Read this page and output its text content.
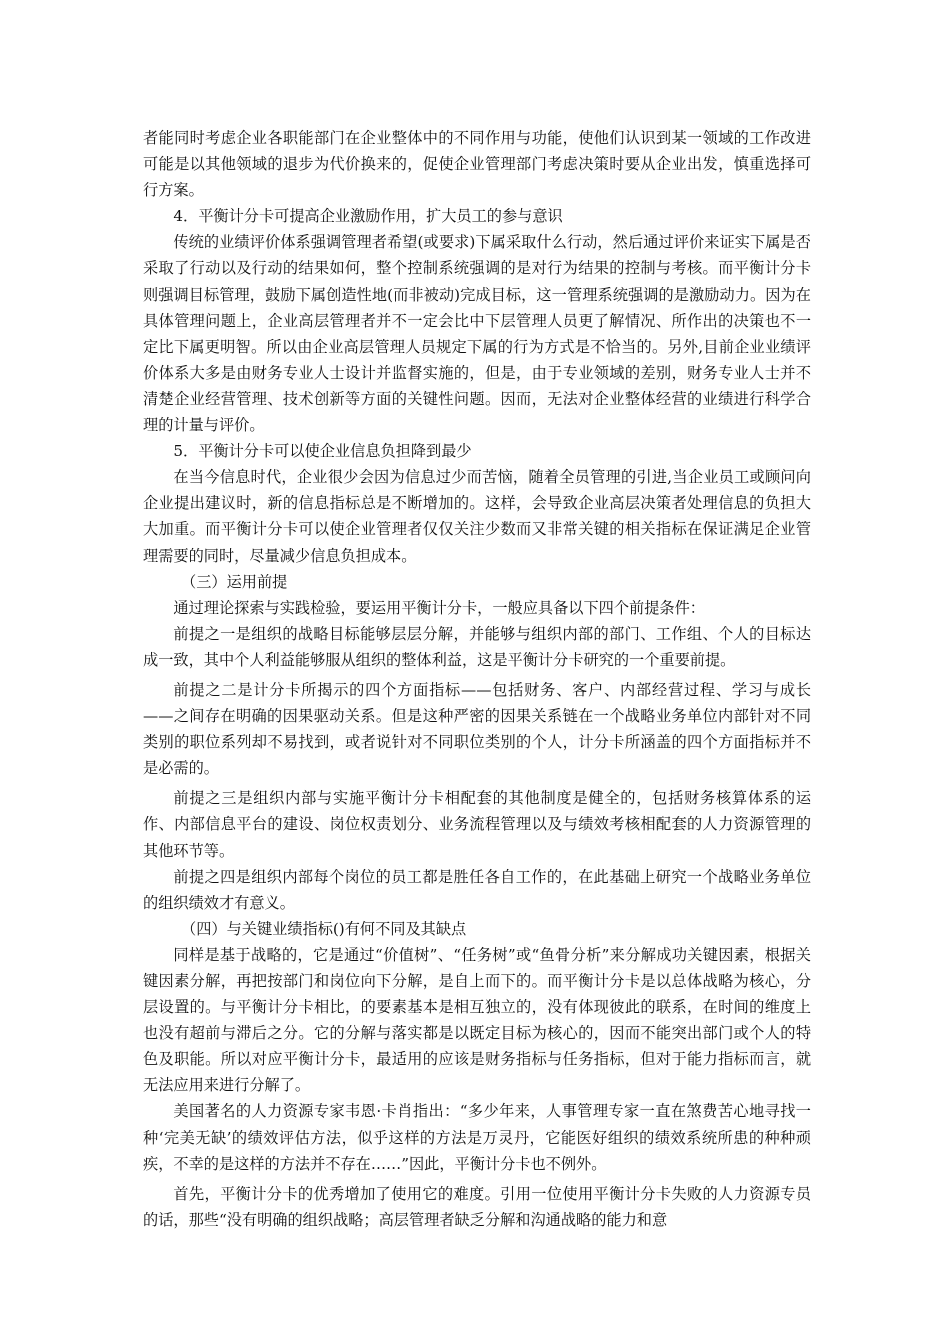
者能同时考虑企业各职能部门在企业整体中的不同作用与功能，使他们认识到某一领域的工作改进可能是以其他领域的退步为代价换来的，促使企业管理部门考虑决策时要从企业出发，慎重选择可行方案。

4．平衡计分卡可提高企业激励作用，扩大员工的参与意识

传统的业绩评价体系强调管理者希望(或要求)下属采取什么行动，然后通过评价来证实下属是否采取了行动以及行动的结果如何，整个控制系统强调的是对行为结果的控制与考核。而平衡计分卡则强调目标管理，鼓励下属创造性地(而非被动)完成目标，这一管理系统强调的是激励动力。因为在具体管理问题上，企业高层管理者并不一定会比中下层管理人员更了解情况、所作出的决策也不一定比下属更明智。所以由企业高层管理人员规定下属的行为方式是不恰当的。另外,目前企业业绩评价体系大多是由财务专业人士设计并监督实施的，但是，由于专业领域的差别，财务专业人士并不清楚企业经营管理、技术创新等方面的关键性问题。因而，无法对企业整体经营的业绩进行科学合理的计量与评价。

5．平衡计分卡可以使企业信息负担降到最少

在当今信息时代，企业很少会因为信息过少而苦恼，随着全员管理的引进,当企业员工或顾问向企业提出建议时，新的信息指标总是不断增加的。这样，会导致企业高层决策者处理信息的负担大大加重。而平衡计分卡可以使企业管理者仅仅关注少数而又非常关键的相关指标在保证满足企业管理需要的同时，尽量减少信息负担成本。

（三）运用前提

通过理论探索与实践检验，要运用平衡计分卡，一般应具备以下四个前提条件：

前提之一是组织的战略目标能够层层分解，并能够与组织内部的部门、工作组、个人的目标达成一致，其中个人利益能够服从组织的整体利益，这是平衡计分卡研究的一个重要前提。

前提之二是计分卡所揭示的四个方面指标——包括财务、客户、内部经营过程、学习与成长——之间存在明确的因果驱动关系。但是这种严密的因果关系链在一个战略业务单位内部针对不同类别的职位系列却不易找到，或者说针对不同职位类别的个人，计分卡所涵盖的四个方面指标并不是必需的。

前提之三是组织内部与实施平衡计分卡相配套的其他制度是健全的，包括财务核算体系的运作、内部信息平台的建设、岗位权责划分、业务流程管理以及与绩效考核相配套的人力资源管理的其他环节等。

前提之四是组织内部每个岗位的员工都是胜任各自工作的，在此基础上研究一个战略业务单位的组织绩效才有意义。

（四）与关键业绩指标()有何不同及其缺点

同样是基于战略的，它是通过“价值树”、“任务树”或“鱼骨分析”来分解成功关键因素，根据关键因素分解，再把按部门和岗位向下分解，是自上而下的。而平衡计分卡是以总体战略为核心，分层设置的。与平衡计分卡相比，的要素基本是相互独立的，没有体现彼此的联系，在时间的维度上也没有超前与滞后之分。它的分解与落实都是以既定目标为核心的，因而不能突出部门或个人的特色及职能。所以对应平衡计分卡，最适用的应该是财务指标与任务指标，但对于能力指标而言，就无法应用来进行分解了。

美国著名的人力资源专家韦恩·卡肖指出：“多少年来，人事管理专家一直在煞费苦心地寻找一种‘完美无缺’的绩效评估方法，似乎这样的方法是万灵丹，它能医好组织的绩效系统所患的种种顽疾，不幸的是这样的方法并不存在……”因此，平衡计分卡也不例外。

首先，平衡计分卡的优秀增加了使用它的难度。引用一位使用平衡计分卡失败的人力资源专员的话，那些“没有明确的组织战略；高层管理者缺乏分解和沟通战略的能力和意
